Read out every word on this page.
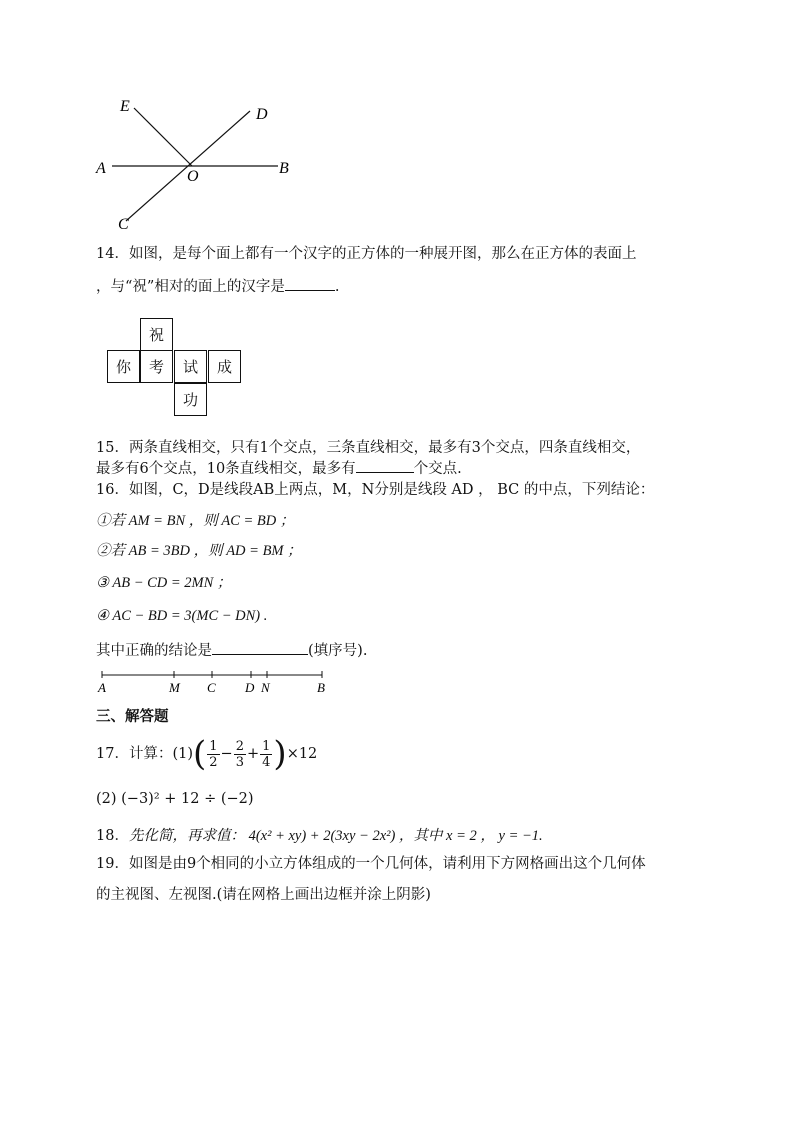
E	D
A	O	B
C
14．如图，是每个面上都有一个汉字的正方体的一种展开图，那么在正方体的表面上
，与“祝”相对的面上的汉字是	.
祝
你	考	试	成
功
15．两条直线相交，只有1个交点，三条直线相交，最多有3个交点，四条直线相交，
最多有6个交点，10条直线相交，最多有	个交点.
16．如图，C，D是线段AB上两点，M，N分别是线段 AD ， BC 的中点，下列结论：
①若 AM = BN ，则 AC = BD ；
②若 AB = 3BD ，则 AD = BM ；
③ AB − CD = 2MN ；
④ AC − BD = 3(MC − DN) .
其中正确的结论是	(填序号).
A	M C D N	B
三、解答题
17．计算：$(1)( \frac{1}{2} - \frac{2}{3} + \frac{1}{4} )\times 12$
(2) (−3)² + 12 ÷ (−2)
18．先化简，再求值： 4(x² + xy) + 2(3xy − 2x²) ，其中 x = 2 ， y = −1.
19．如图是由9个相同的小立方体组成的一个几何体，请利用下方网格画出这个几何体
的主视图、左视图.(请在网格上画出边框并涂上阴影)
